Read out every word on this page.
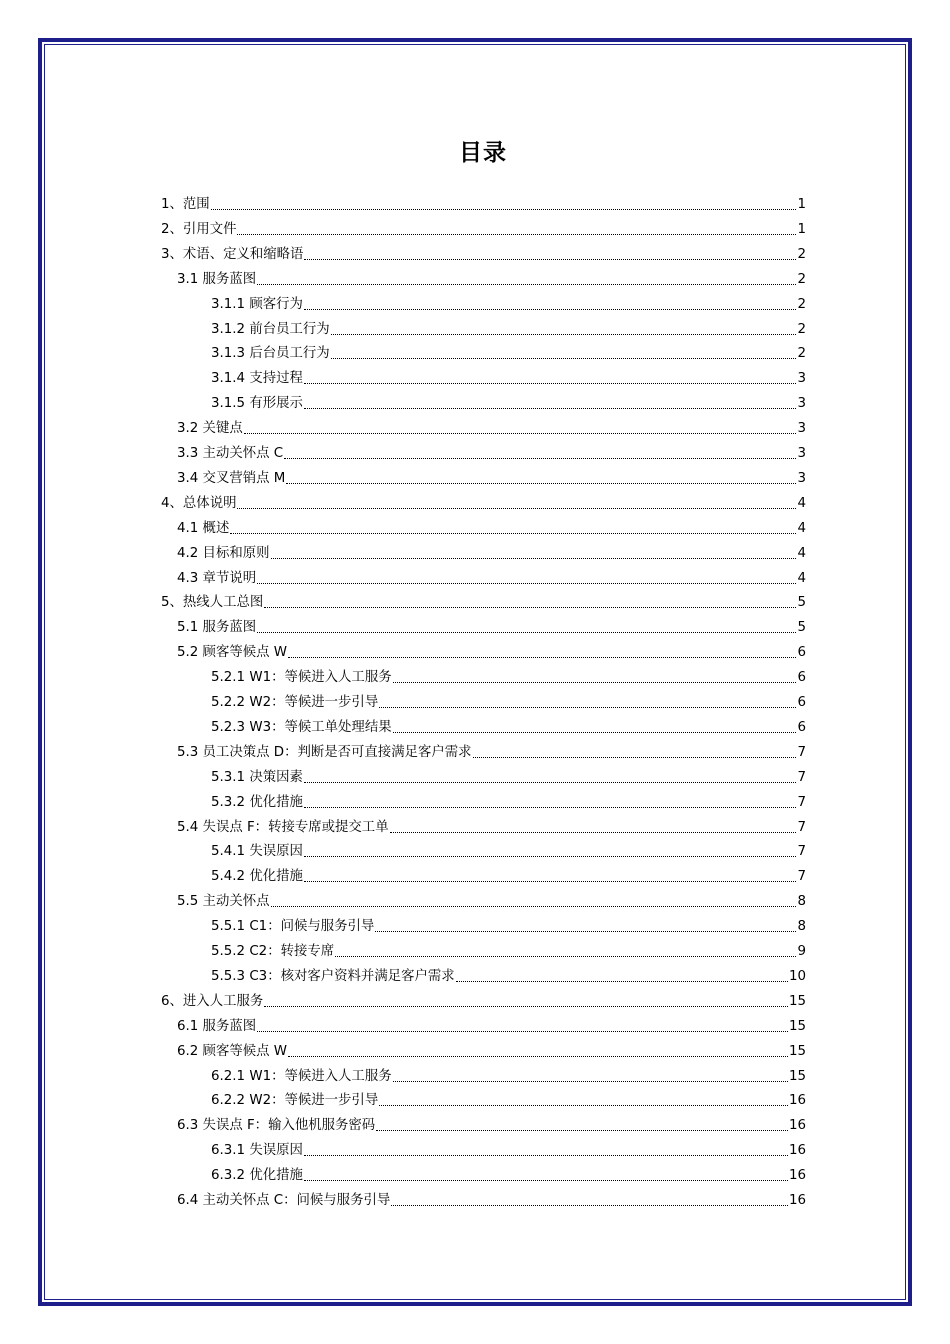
目录
1、范围	1
2、引用文件	1
3、术语、定义和缩略语	2
3.1 服务蓝图	2
3.1.1 顾客行为	2
3.1.2 前台员工行为	2
3.1.3 后台员工行为	2
3.1.4 支持过程	3
3.1.5 有形展示	3
3.2 关键点	3
3.3 主动关怀点 C	3
3.4 交叉营销点 M	3
4、总体说明	4
4.1 概述	4
4.2 目标和原则	4
4.3 章节说明	4
5、热线人工总图	5
5.1 服务蓝图	5
5.2 顾客等候点 W	6
5.2.1 W1：等候进入人工服务	6
5.2.2 W2：等候进一步引导	6
5.2.3 W3：等候工单处理结果	6
5.3 员工决策点 D：判断是否可直接满足客户需求	7
5.3.1 决策因素	7
5.3.2 优化措施	7
5.4 失误点 F：转接专席或提交工单	7
5.4.1 失误原因	7
5.4.2 优化措施	7
5.5 主动关怀点	8
5.5.1 C1：问候与服务引导	8
5.5.2 C2：转接专席	9
5.5.3 C3：核对客户资料并满足客户需求	10
6、进入人工服务	15
6.1 服务蓝图	15
6.2 顾客等候点 W	15
6.2.1 W1：等候进入人工服务	15
6.2.2 W2：等候进一步引导	16
6.3 失误点 F：输入他机服务密码	16
6.3.1 失误原因	16
6.3.2 优化措施	16
6.4 主动关怀点 C：问候与服务引导	16
